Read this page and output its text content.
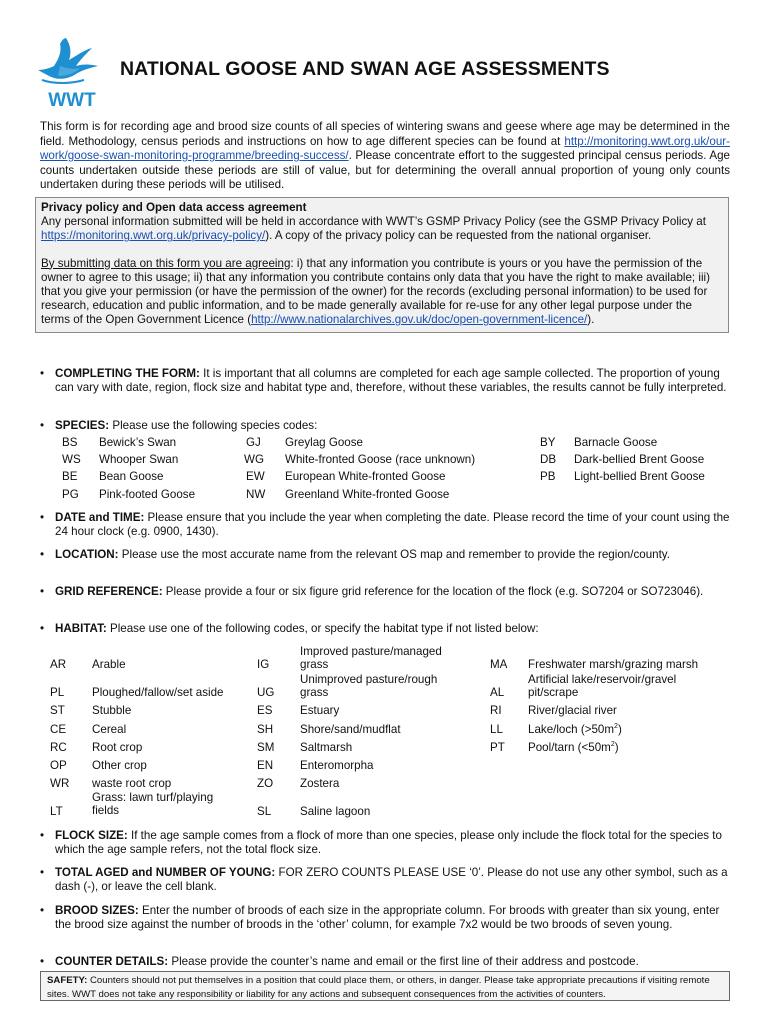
WWT
NATIONAL GOOSE AND SWAN AGE ASSESSMENTS
This form is for recording age and brood size counts of all species of wintering swans and geese where age may be determined in the field. Methodology, census periods and instructions on how to age different species can be found at http://monitoring.wwt.org.uk/our-work/goose-swan-monitoring-programme/breeding-success/. Please concentrate effort to the suggested principal census periods. Age counts undertaken outside these periods are still of value, but for determining the overall annual proportion of young only counts undertaken during these periods will be utilised.

Privacy policy and Open data access agreement

Any personal information submitted will be held in accordance with WWT’s GSMP Privacy Policy (see the GSMP Privacy Policy at https://monitoring.wwt.org.uk/privacy-policy/). A copy of the privacy policy can be requested from the national organiser.

By submitting data on this form you are agreeing: i) that any information you contribute is yours or you have the permission of the owner to agree to this usage; ii) that any information you contribute contains only data that you have the right to make available; iii) that you give your permission (or have the permission of the owner) for the records (excluding personal information) to be used for research, education and public information, and to be made generally available for re-use for any other legal purpose under the terms of the Open Government Licence (http://www.nationalarchives.gov.uk/doc/open-government-licence/).

• COMPLETING THE FORM: It is important that all columns are completed for each age sample collected. The proportion of young can vary with date, region, flock size and habitat type and, therefore, without these variables, the results cannot be fully interpreted.
• SPECIES: Please use the following species codes:
BS Bewick’s Swan
WS Whooper Swan
BE Bean Goose
PG Pink-footed Goose
GJ Greylag Goose
WG White-fronted Goose (race unknown)
EW European White-fronted Goose
NW Greenland White-fronted Goose
BY Barnacle Goose
DB Dark-bellied Brent Goose
PB Light-bellied Brent Goose
• DATE and TIME: Please ensure that you include the year when completing the date. Please record the time of your count using the 24 hour clock (e.g. 0900, 1430).
• LOCATION: Please use the most accurate name from the relevant OS map and remember to provide the region/county.
• GRID REFERENCE: Please provide a four or six figure grid reference for the location of the flock (e.g. SO7204 or SO723046).
• HABITAT: Please use one of the following codes, or specify the habitat type if not listed below:
AR Arable
PL Ploughed/fallow/set aside
ST Stubble
CE Cereal
RC Root crop
OP Other crop
WR waste root crop
LT
Grass: lawn turf/playing
fields
IG
Improved pasture/managed
grass
UG
Unimproved pasture/rough
grass
ES Estuary
SH Shore/sand/mudflat
SM Saltmarsh
EN Enteromorpha
ZO Zostera
SL Saline lagoon
MA Freshwater marsh/grazing marsh
AL
Artificial lake/reservoir/gravel
pit/scrape
RI River/glacial river
LL Lake/loch $(>50m^2)$
PT Pool/tarn $(<50m^2)$
• FLOCK SIZE: If the age sample comes from a flock of more than one species, please only include the flock total for the species to which the age sample refers, not the total flock size.
• TOTAL AGED and NUMBER OF YOUNG: FOR ZERO COUNTS PLEASE USE ‘0’. Please do not use any other symbol, such as a dash (-), or leave the cell blank.
• BROOD SIZES: Enter the number of broods of each size in the appropriate column. For broods with greater than six young, enter the brood size against the number of broods in the ‘other’ column, for example 7x2 would be two broods of seven young.
• COUNTER DETAILS: Please provide the counter’s name and email or the first line of their address and postcode.
SAFETY: Counters should not put themselves in a position that could place them, or others, in danger. Please take appropriate precautions if visiting remote sites. WWT does not take any responsibility or liability for any actions and subsequent consequences from the activities of counters.
